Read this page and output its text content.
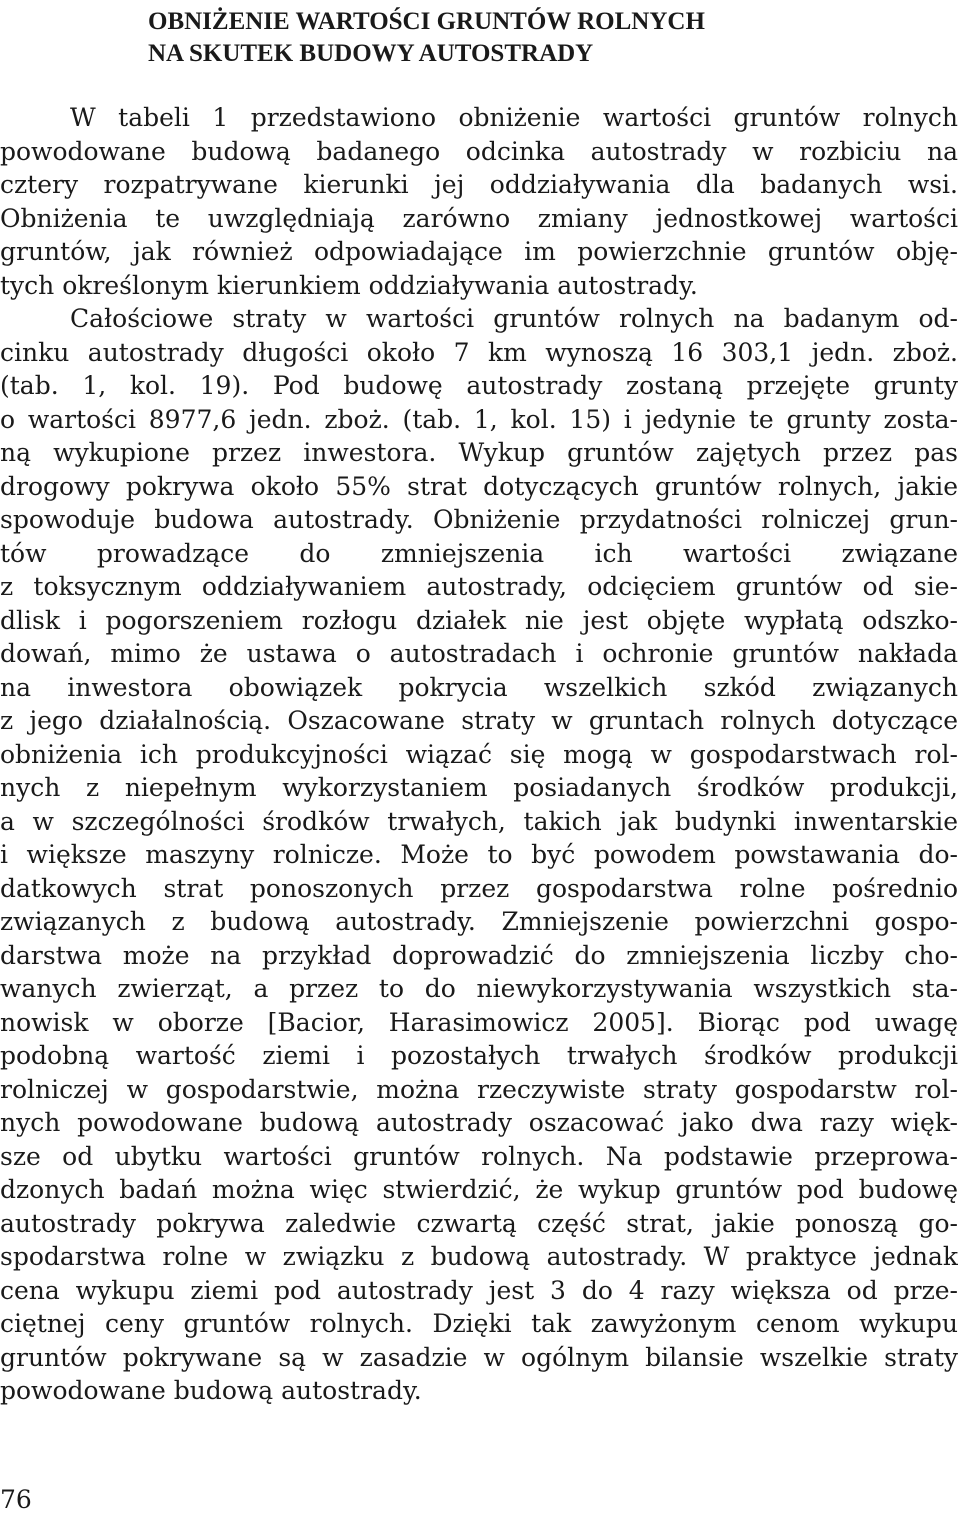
OBNIŻENIE WARTOŚCI GRUNTÓW ROLNYCH
NA SKUTEK BUDOWY AUTOSTRADY
W tabeli 1 przedstawiono obniżenie wartości gruntów rolnych
powodowane budową badanego odcinka autostrady w rozbiciu na
cztery rozpatrywane kierunki jej oddziaływania dla badanych wsi.
Obniżenia te uwzględniają zarówno zmiany jednostkowej wartości
gruntów, jak również odpowiadające im powierzchnie gruntów obję-
tych określonym kierunkiem oddziaływania autostrady.
Całościowe straty w wartości gruntów rolnych na badanym od-
cinku autostrady długości około 7 km wynoszą 16 303,1 jedn. zboż.
(tab. 1, kol. 19). Pod budowę autostrady zostaną przejęte grunty
o wartości 8977,6 jedn. zboż. (tab. 1, kol. 15) i jedynie te grunty zosta-
ną wykupione przez inwestora. Wykup gruntów zajętych przez pas
drogowy pokrywa około 55% strat dotyczących gruntów rolnych, jakie
spowoduje budowa autostrady. Obniżenie przydatności rolniczej grun-
tów prowadzące do zmniejszenia ich wartości związane
z toksycznym oddziaływaniem autostrady, odcięciem gruntów od sie-
dlisk i pogorszeniem rozłogu działek nie jest objęte wypłatą odszko-
dowań, mimo że ustawa o autostradach i ochronie gruntów nakłada
na inwestora obowiązek pokrycia wszelkich szkód związanych
z jego działalnością. Oszacowane straty w gruntach rolnych dotyczące
obniżenia ich produkcyjności wiązać się mogą w gospodarstwach rol-
nych z niepełnym wykorzystaniem posiadanych środków produkcji,
a w szczególności środków trwałych, takich jak budynki inwentarskie
i większe maszyny rolnicze. Może to być powodem powstawania do-
datkowych strat ponoszonych przez gospodarstwa rolne pośrednio
związanych z budową autostrady. Zmniejszenie powierzchni gospo-
darstwa może na przykład doprowadzić do zmniejszenia liczby cho-
wanych zwierząt, a przez to do niewykorzystywania wszystkich sta-
nowisk w oborze [Bacior, Harasimowicz 2005]. Biorąc pod uwagę
podobną wartość ziemi i pozostałych trwałych środków produkcji
rolniczej w gospodarstwie, można rzeczywiste straty gospodarstw rol-
nych powodowane budową autostrady oszacować jako dwa razy więk-
sze od ubytku wartości gruntów rolnych. Na podstawie przeprowa-
dzonych badań można więc stwierdzić, że wykup gruntów pod budowę
autostrady pokrywa zaledwie czwartą część strat, jakie ponoszą go-
spodarstwa rolne w związku z budową autostrady. W praktyce jednak
cena wykupu ziemi pod autostrady jest 3 do 4 razy większa od prze-
ciętnej ceny gruntów rolnych. Dzięki tak zawyżonym cenom wykupu
gruntów pokrywane są w zasadzie w ogólnym bilansie wszelkie straty
powodowane budową autostrady.
76
